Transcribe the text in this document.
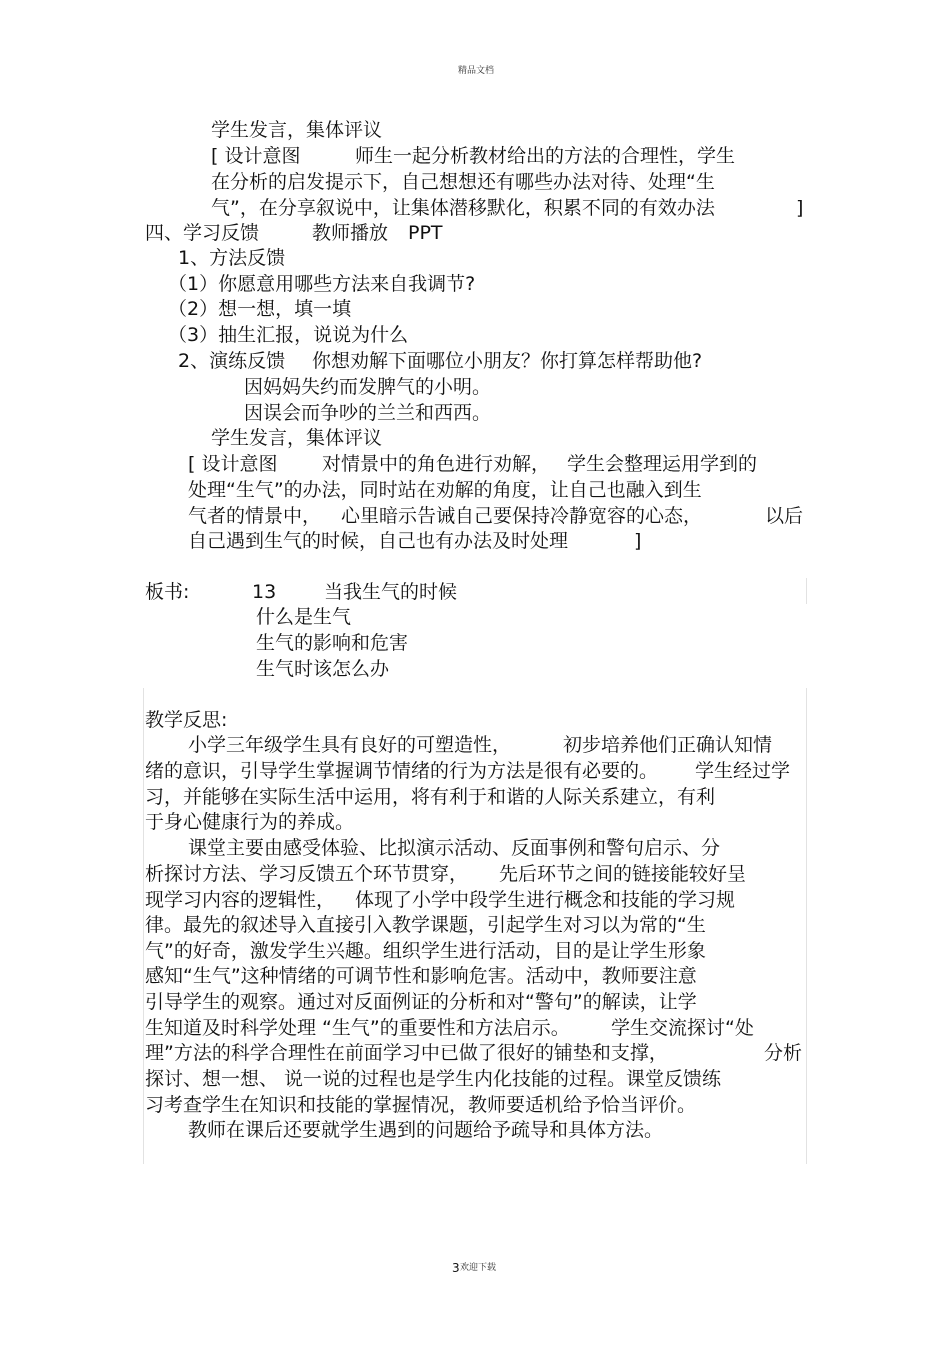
精品文档
学生发言，集体评议
[ 设计意图	师生一起分析教材给出的方法的合理性，学生
在分析的启发提示下，自己想想还有哪些办法对待、处理“生
气”，在分享叙说中，让集体潜移默化，积累不同的有效办法	]
四、学习反馈	教师播放 PPT
1、方法反馈
（1）你愿意用哪些方法来自我调节?
（2）想一想，填一填
（3）抽生汇报，说说为什么
2、演练反馈 你想劝解下面哪位小朋友？你打算怎样帮助他?
因妈妈失约而发脾气的小明。
因误会而争吵的兰兰和西西。
学生发言，集体评议
[ 设计意图 对情景中的角色进行劝解， 学生会整理运用学到的
处理“生气”的办法，同时站在劝解的角度，让自己也融入到生
气者的情景中， 心里暗示告诫自己要保持冷静宽容的心态，	以后
自己遇到生气的时候，自己也有办法及时处理	]
板书:	13	当我生气的时候
什么是生气
生气的影响和危害
生气时该怎么办
教学反思:
小学三年级学生具有良好的可塑造性，	初步培养他们正确认知情
绪的意识，引导学生掌握调节情绪的行为方法是很有必要的。 学生经过学
习，并能够在实际生活中运用，将有利于和谐的人际关系建立，有利
于身心健康行为的养成。
课堂主要由感受体验、比拟演示活动、反面事例和警句启示、分
析探讨方法、学习反馈五个环节贯穿， 先后环节之间的链接能较好呈
现学习内容的逻辑性， 体现了小学中段学生进行概念和技能的学习规
律。最先的叙述导入直接引入教学课题，引起学生对习以为常的“生
气”的好奇，激发学生兴趣。组织学生进行活动，目的是让学生形象
感知“生气”这种情绪的可调节性和影响危害。活动中，教师要注意
引导学生的观察。通过对反面例证的分析和对“警句”的解读，让学
生知道及时科学处理 “生气”的重要性和方法启示。 学生交流探讨“处
理”方法的科学合理性在前面学习中已做了很好的铺垫和支撑，	分析
探讨、想一想、 说一说的过程也是学生内化技能的过程。课堂反馈练
习考查学生在知识和技能的掌握情况，教师要适机给予恰当评价。
教师在课后还要就学生遇到的问题给予疏导和具体方法。
3 欢迎下载
